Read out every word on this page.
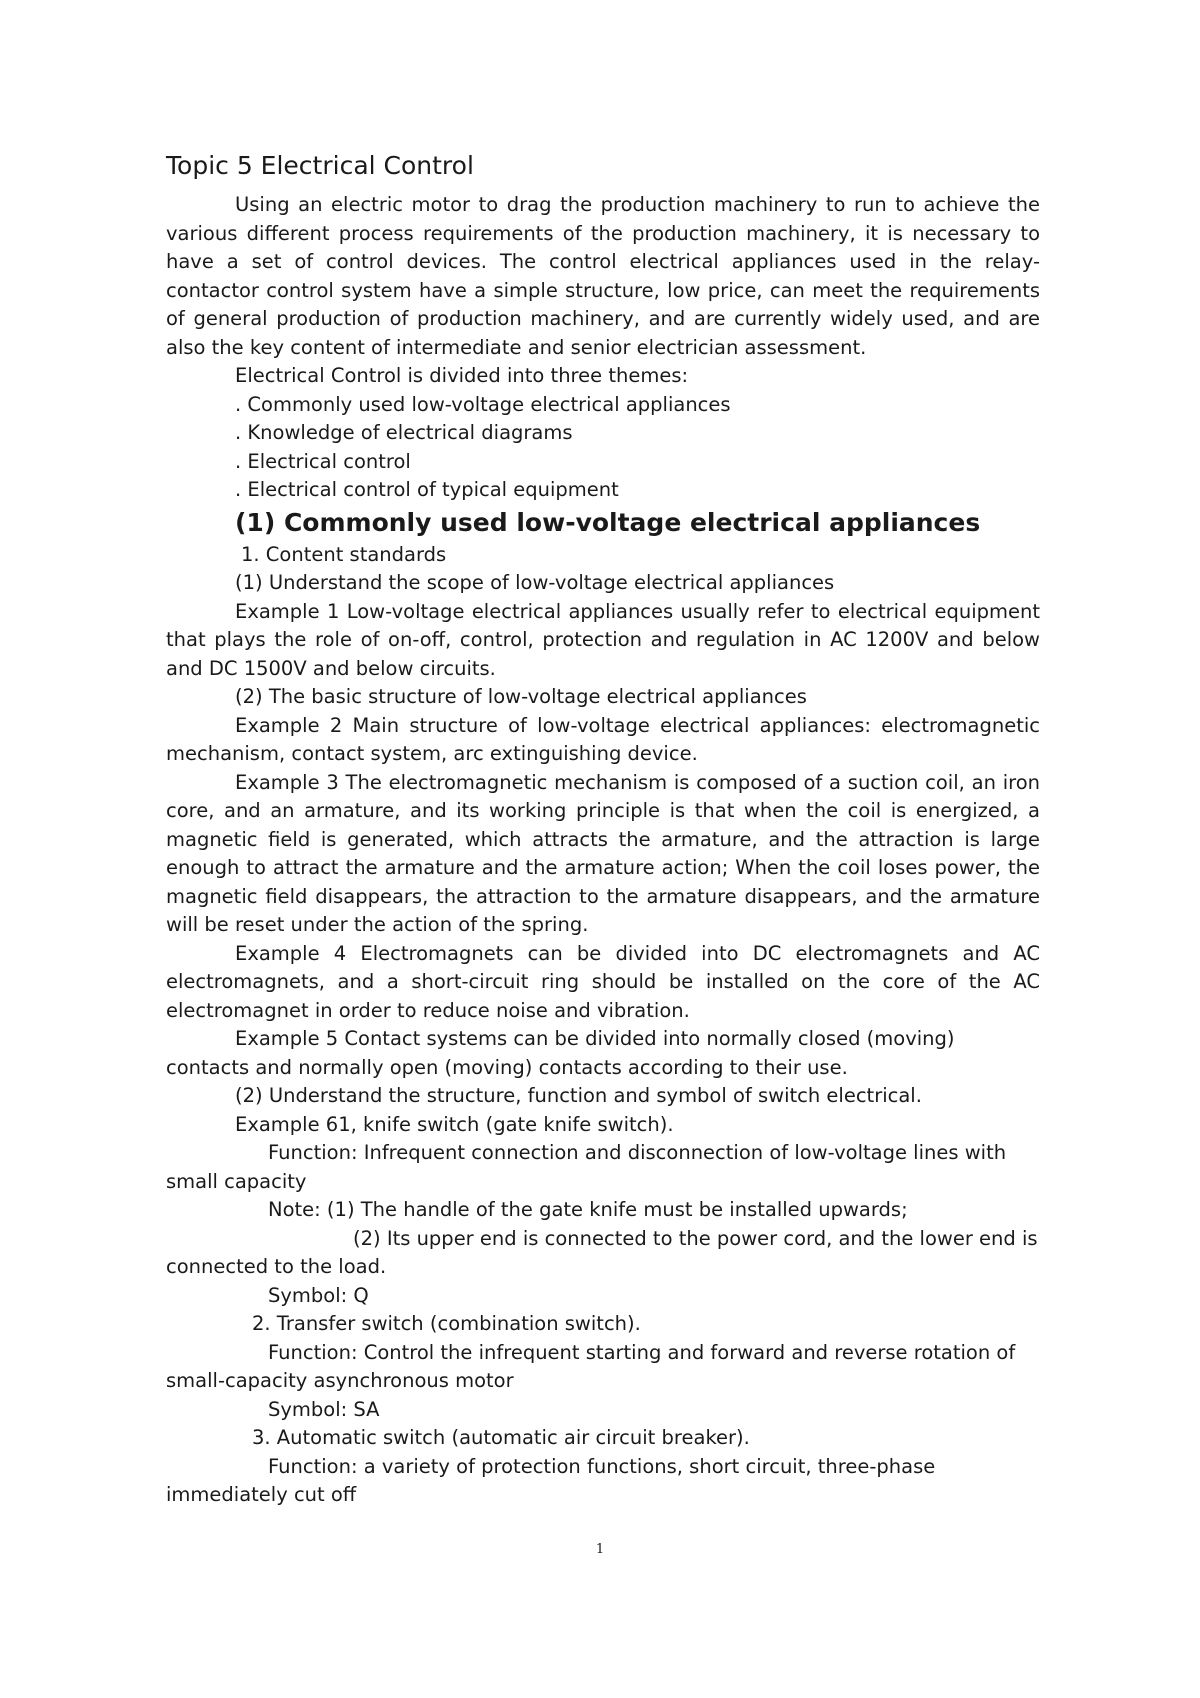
Topic 5 Electrical Control

Using an electric motor to drag the production machinery to run to achieve the various different process requirements of the production machinery, it is necessary to have a set of control devices. The control electrical appliances used in the relay-contactor control system have a simple structure, low price, can meet the requirements of general production of production machinery, and are currently widely used, and are also the key content of intermediate and senior electrician assessment.

Electrical Control is divided into three themes:

. Commonly used low-voltage electrical appliances

. Knowledge of electrical diagrams

. Electrical control

. Electrical control of typical equipment

(1) Commonly used low-voltage electrical appliances

1. Content standards

(1) Understand the scope of low-voltage electrical appliances

Example 1 Low-voltage electrical appliances usually refer to electrical equipment that plays the role of on-off, control, protection and regulation in AC 1200V and below and DC 1500V and below circuits.

(2) The basic structure of low-voltage electrical appliances

Example 2 Main structure of low-voltage electrical appliances: electromagnetic mechanism, contact system, arc extinguishing device.

Example 3 The electromagnetic mechanism is composed of a suction coil, an iron core, and an armature, and its working principle is that when the coil is energized, a magnetic field is generated, which attracts the armature, and the attraction is large enough to attract the armature and the armature action; When the coil loses power, the magnetic field disappears, the attraction to the armature disappears, and the armature will be reset under the action of the spring.

Example 4 Electromagnets can be divided into DC electromagnets and AC electromagnets, and a short-circuit ring should be installed on the core of the AC electromagnet in order to reduce noise and vibration.

Example 5 Contact systems can be divided into normally closed (moving) contacts and normally open (moving) contacts according to their use.

(2) Understand the structure, function and symbol of switch electrical.

Example 61, knife switch (gate knife switch).

Function: Infrequent connection and disconnection of low-voltage lines with small capacity

Note: (1) The handle of the gate knife must be installed upwards;

(2) Its upper end is connected to the power cord, and the lower end is connected to the load.

Symbol: Q

2. Transfer switch (combination switch).

Function: Control the infrequent starting and forward and reverse rotation of small-capacity asynchronous motor

Symbol: SA

3. Automatic switch (automatic air circuit breaker).

Function: a variety of protection functions, short circuit, three-phase immediately cut off

1
